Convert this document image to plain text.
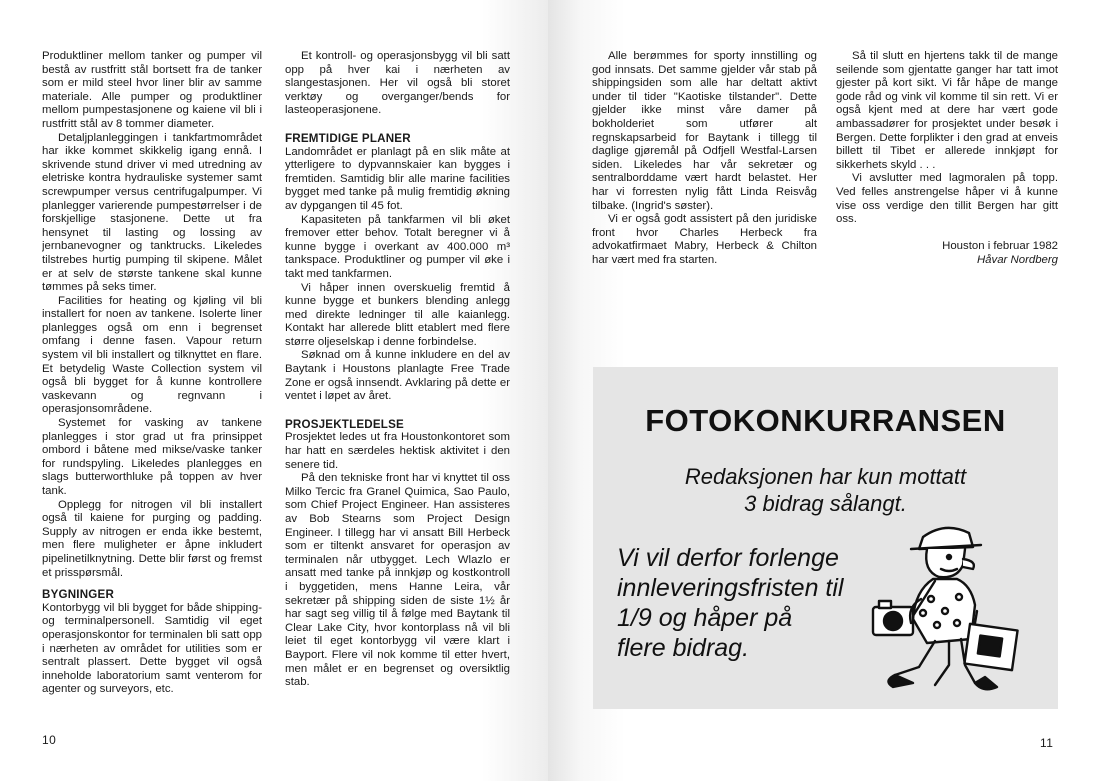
Produktliner mellom tanker og pumper vil bestå av rustfritt stål bortsett fra de tanker som er mild steel hvor liner blir av samme materiale. Alle pumper og produktliner mellom pumpestasjonene og kaiene vil bli i rustfritt stål av 8 tommer diameter.

Detaljplanleggingen i tankfartmområdet har ikke kommet skikkelig igang ennå. I skrivende stund driver vi med utredning av eletriske kontra hydrauliske systemer samt screwpumper versus centrifugalpumper. Vi planlegger varierende pumpestørrelser i de forskjellige stasjonene. Dette ut fra hensynet til lasting og lossing av jernbanevogner og tanktrucks. Likeledes tilstrebes hurtig pumping til skipene. Målet er at selv de største tankene skal kunne tømmes på seks timer.

Facilities for heating og kjøling vil bli installert for noen av tankene. Isolerte liner planlegges også om enn i begrenset omfang i denne fasen. Vapour return system vil bli installert og tilknyttet en flare. Et betydelig Waste Collection system vil også bli bygget for å kunne kontrollere vaskevann og regnvann i operasjonsområdene.

Systemet for vasking av tankene planlegges i stor grad ut fra prinsippet ombord i båtene med mikse/vaske tanker for rundspyling. Likeledes planlegges en slags butterworthluke på toppen av hver tank.

Opplegg for nitrogen vil bli installert også til kaiene for purging og padding. Supply av nitrogen er enda ikke bestemt, men flere muligheter er åpne inkludert pipelinetilknytning. Dette blir først og fremst et prisspørsmål.

BYGNINGER

Kontorbygg vil bli bygget for både shipping- og terminalpersonell. Samtidig vil eget operasjonskontor for terminalen bli satt opp i nærheten av området for utilities som er sentralt plassert. Dette bygget vil også inneholde laboratorium samt venterom for agenter og surveyors, etc.

Et kontroll- og operasjonsbygg vil bli satt opp på hver kai i nærheten av slangestasjonen. Her vil også bli storet verktøy og overganger/bends for lasteoperasjonene.

FREMTIDIGE PLANER

Landområdet er planlagt på en slik måte at ytterligere to dypvannskaier kan bygges i fremtiden. Samtidig blir alle marine facilities bygget med tanke på mulig fremtidig økning av dypgangen til 45 fot.

Kapasiteten på tankfarmen vil bli øket fremover etter behov. Totalt beregner vi å kunne bygge i overkant av 400.000 m³ tankspace. Produktliner og pumper vil øke i takt med tankfarmen.

Vi håper innen overskuelig fremtid å kunne bygge et bunkers blending anlegg med direkte ledninger til alle kaianlegg. Kontakt har allerede blitt etablert med flere større oljeselskap i denne forbindelse.

Søknad om å kunne inkludere en del av Baytank i Houstons planlagte Free Trade Zone er også innsendt. Avklaring på dette er ventet i løpet av året.

PROSJEKTLEDELSE

Prosjektet ledes ut fra Houstonkontoret som har hatt en særdeles hektisk aktivitet i den senere tid.

På den tekniske front har vi knyttet til oss Milko Tercic fra Granel Quimica, Sao Paulo, som Chief Project Engineer. Han assisteres av Bob Stearns som Project Design Engineer. I tillegg har vi ansatt Bill Herbeck som er tiltenkt ansvaret for operasjon av terminalen når utbygget. Lech Wlazlo er ansatt med tanke på innkjøp og kostkontroll i byggetiden, mens Hanne Leira, vår sekretær på shipping siden de siste 1½ år har sagt seg villig til å følge med Baytank til Clear Lake City, hvor kontorplass nå vil bli leiet til eget kontorbygg vil være klart i Bayport. Flere vil nok komme til etter hvert, men målet er en begrenset og oversiktlig stab.

10

Alle berømmes for sporty innstilling og god innsats. Det samme gjelder vår stab på shippingsiden som alle har deltatt aktivt under til tider "Kaotiske tilstander". Dette gjelder ikke minst våre damer på bokholderiet som utfører alt regnskapsarbeid for Baytank i tillegg til daglige gjøremål på Odfjell Westfal-Larsen siden. Likeledes har vår sekretær og sentralborddame vært hardt belastet. Her har vi forresten nylig fått Linda Reisvåg tilbake. (Ingrid's søster).

Vi er også godt assistert på den juridiske front hvor Charles Herbeck fra advokatfirmaet Mabry, Herbeck & Chilton har vært med fra starten.

Så til slutt en hjertens takk til de mange seilende som gjentatte ganger har tatt imot gjester på kort sikt. Vi får håpe de mange gode råd og vink vil komme til sin rett. Vi er også kjent med at dere har vært gode ambassadører for prosjektet under besøk i Bergen. Dette forplikter i den grad at enveis billett til Tibet er allerede innkjøpt for sikkerhets skyld . . .

Vi avslutter med lagmoralen på topp. Ved felles anstrengelse håper vi å kunne vise oss verdige den tillit Bergen har gitt oss.

Houston i februar 1982
Håvar Nordberg
FOTOKONKURRANSEN
Redaksjonen har kun mottatt
3 bidrag sålangt.
Vi vil derfor forlenge
innleveringsfristen til
1/9 og håper på
flere bidrag.
11
